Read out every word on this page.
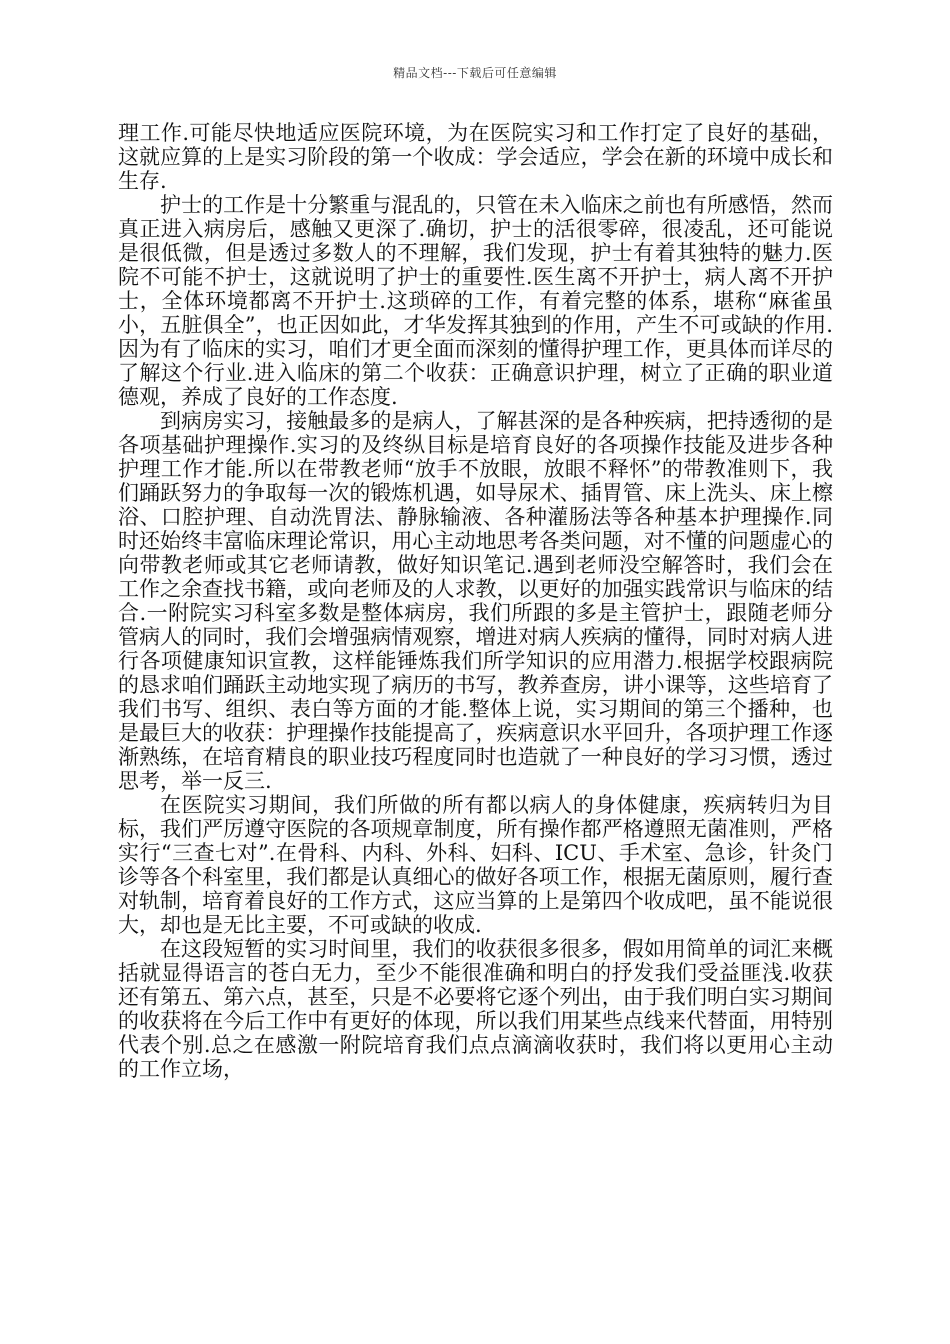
精品文档---下载后可任意编辑

理工作.可能尽快地适应医院环境，为在医院实习和工作打定了良好的基础，这就应算的上是实习阶段的第一个收成：学会适应，学会在新的环境中成长和生存.

护士的工作是十分繁重与混乱的，只管在未入临床之前也有所感悟，然而真正进入病房后，感触又更深了.确切，护士的活很零碎，很凌乱，还可能说是很低微，但是透过多数人的不理解，我们发现，护士有着其独特的魅力.医院不可能不护士，这就说明了护士的重要性.医生离不开护士，病人离不开护士，全体环境都离不开护士.这琐碎的工作，有着完整的体系，堪称“麻雀虽小，五脏俱全”，也正因如此，才华发挥其独到的作用，产生不可或缺的作用.因为有了临床的实习，咱们才更全面而深刻的懂得护理工作，更具体而详尽的了解这个行业.进入临床的第二个收获：正确意识护理，树立了正确的职业道德观，养成了良好的工作态度.

到病房实习，接触最多的是病人，了解甚深的是各种疾病，把持透彻的是各项基础护理操作.实习的及终纵目标是培育良好的各项操作技能及进步各种护理工作才能.所以在带教老师“放手不放眼，放眼不释怀”的带教准则下，我们踊跃努力的争取每一次的锻炼机遇，如导尿术、插胃管、床上洗头、床上檫浴、口腔护理、自动洗胃法、静脉输液、各种灌肠法等各种基本护理操作.同时还始终丰富临床理论常识，用心主动地思考各类问题，对不懂的问题虚心的向带教老师或其它老师请教，做好知识笔记.遇到老师没空解答时，我们会在工作之余查找书籍，或向老师及的人求教，以更好的加强实践常识与临床的结合.一附院实习科室多数是整体病房，我们所跟的多是主管护士，跟随老师分管病人的同时，我们会增强病情观察，增进对病人疾病的懂得，同时对病人进行各项健康知识宣教，这样能锤炼我们所学知识的应用潜力.根据学校跟病院的恳求咱们踊跃主动地实现了病历的书写，教养查房，讲小课等，这些培育了我们书写、组织、表白等方面的才能.整体上说，实习期间的第三个播种，也是最巨大的收获：护理操作技能提高了，疾病意识水平回升，各项护理工作逐渐熟练，在培育精良的职业技巧程度同时也造就了一种良好的学习习惯，透过思考，举一反三.

在医院实习期间，我们所做的所有都以病人的身体健康，疾病转归为目标，我们严厉遵守医院的各项规章制度，所有操作都严格遵照无菌准则，严格实行“三查七对”.在骨科、内科、外科、妇科、ICU、手术室、急诊，针灸门诊等各个科室里，我们都是认真细心的做好各项工作，根据无菌原则，履行查对轨制，培育着良好的工作方式，这应当算的上是第四个收成吧，虽不能说很大，却也是无比主要，不可或缺的收成.

在这段短暂的实习时间里，我们的收获很多很多，假如用简单的词汇来概括就显得语言的苍白无力，至少不能很准确和明白的抒发我们受益匪浅.收获还有第五、第六点，甚至，只是不必要将它逐个列出，由于我们明白实习期间的收获将在今后工作中有更好的体现，所以我们用某些点线来代替面，用特别代表个别.总之在感激一附院培育我们点点滴滴收获时，我们将以更用心主动的工作立场，
